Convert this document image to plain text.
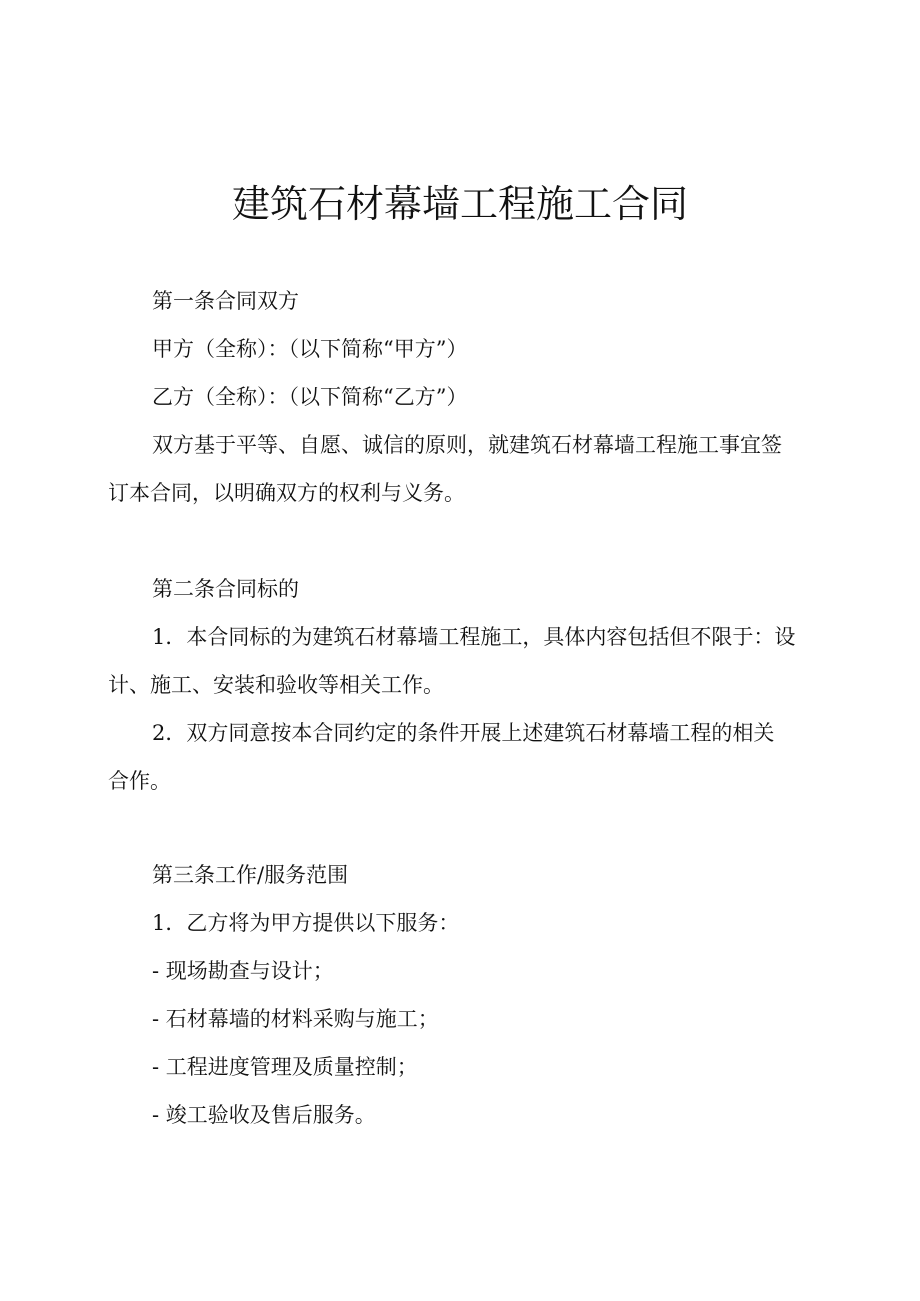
建筑石材幕墙工程施工合同
第一条合同双方
甲方（全称）：（以下简称“甲方”）
乙方（全称）：（以下简称“乙方”）
双方基于平等、自愿、诚信的原则，就建筑石材幕墙工程施工事宜签
订本合同，以明确双方的权利与义务。
第二条合同标的
1．本合同标的为建筑石材幕墙工程施工，具体内容包括但不限于：设
计、施工、安装和验收等相关工作。
2．双方同意按本合同约定的条件开展上述建筑石材幕墙工程的相关
合作。
第三条工作/服务范围
1．乙方将为甲方提供以下服务：
- 现场勘查与设计；
- 石材幕墙的材料采购与施工；
- 工程进度管理及质量控制；
- 竣工验收及售后服务。
